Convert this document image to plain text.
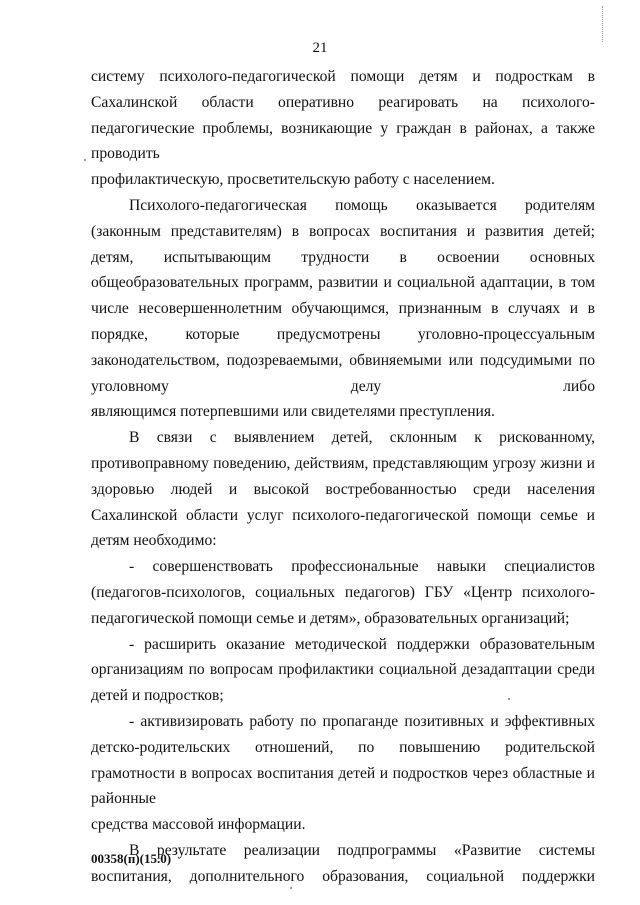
21

систему психолого-педагогической помощи детям и подросткам в Сахалинской области оперативно реагировать на психолого-педагогические проблемы, возникающие у граждан в районах, а также проводить

профилактическую, просветительскую работу с населением.

Психолого-педагогическая помощь оказывается родителям (законным представителям) в вопросах воспитания и развития детей; детям, испытывающим трудности в освоении основных общеобразовательных программ, развитии и социальной адаптации, в том числе несовершеннолетним обучающимся, признанным в случаях и в порядке, которые предусмотрены уголовно-процессуальным законодательством, подозреваемыми, обвиняемыми или подсудимыми по уголовному делу либо

являющимся потерпевшими или свидетелями преступления.

В связи с выявлением детей, склонным к рискованному, противоправному поведению, действиям, представляющим угрозу жизни и здоровью людей и высокой востребованностью среди населения Сахалинской области услуг психолого-педагогической помощи семье и

детям необходимо:

- совершенствовать профессиональные навыки специалистов (педагогов-психологов, социальных педагогов) ГБУ «Центр психолого-

педагогической помощи семье и детям», образовательных организаций;

- расширить оказание методической поддержки образовательным организациям по вопросам профилактики социальной дезадаптации среди

детей и подростков;

- активизировать работу по пропаганде позитивных и эффективных детско-родительских отношений, по повышению родительской грамотности в вопросах воспитания детей и подростков через областные и районные

средства массовой информации.

В результате реализации подпрограммы «Развитие системы воспитания, дополнительного образования, социальной поддержки

00358(п)(15.0)
